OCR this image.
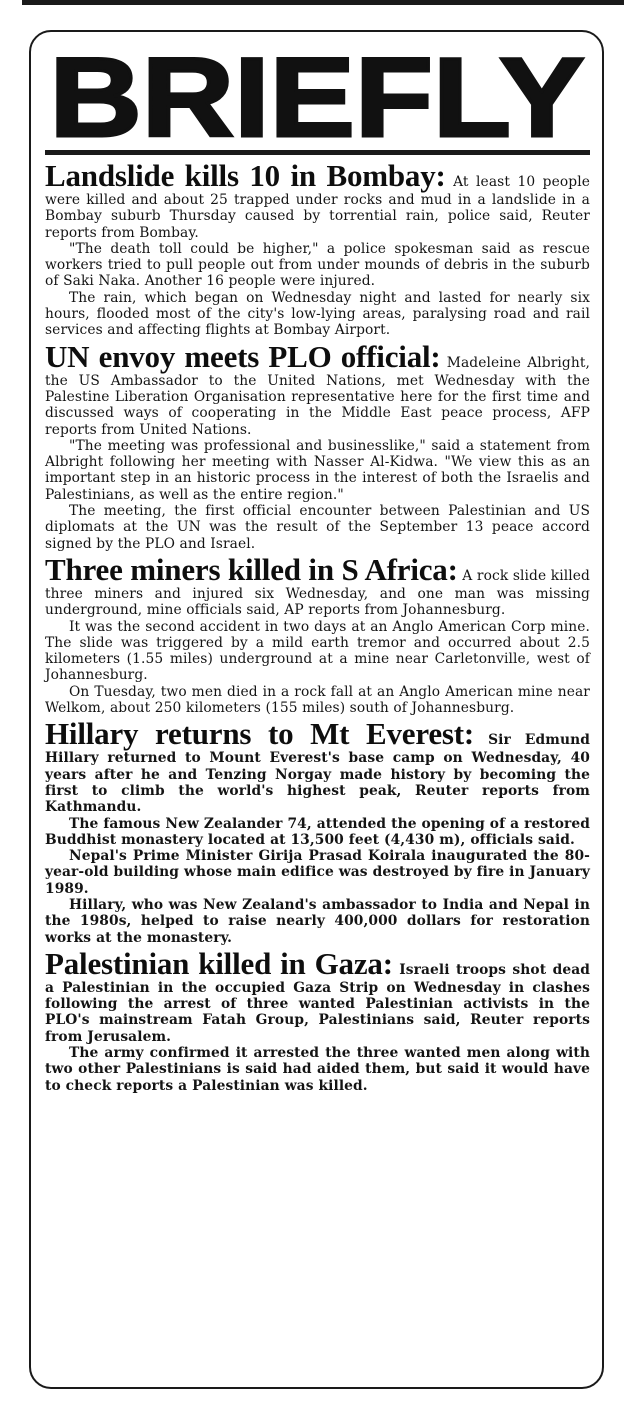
BRIEFLY

Landslide kills 10 in Bombay: At least 10 people were killed and about 25 trapped under rocks and mud in a landslide in a Bombay suburb Thursday caused by torrential rain, police said, Reuter reports from Bombay.

"The death toll could be higher," a police spokesman said as rescue workers tried to pull people out from under mounds of debris in the suburb of Saki Naka. Another 16 people were injured.

The rain, which began on Wednesday night and lasted for nearly six hours, flooded most of the city's low-lying areas, paralysing road and rail services and affecting flights at Bombay Airport.

UN envoy meets PLO official: Madeleine Albright, the US Ambassador to the United Nations, met Wednesday with the Palestine Liberation Organisation representative here for the first time and discussed ways of cooperating in the Middle East peace process, AFP reports from United Nations.

"The meeting was professional and businesslike," said a statement from Albright following her meeting with Nasser Al-Kidwa. "We view this as an important step in an historic process in the interest of both the Israelis and Palestinians, as well as the entire region."

The meeting, the first official encounter between Palestinian and US diplomats at the UN was the result of the September 13 peace accord signed by the PLO and Israel.

Three miners killed in S Africa: A rock slide killed three miners and injured six Wednesday, and one man was missing underground, mine officials said, AP reports from Johannesburg.

It was the second accident in two days at an Anglo American Corp mine. The slide was triggered by a mild earth tremor and occurred about 2.5 kilometers (1.55 miles) underground at a mine near Carletonville, west of Johannesburg.

On Tuesday, two men died in a rock fall at an Anglo American mine near Welkom, about 250 kilometers (155 miles) south of Johannesburg.

Hillary returns to Mt Everest: Sir Edmund Hillary returned to Mount Everest's base camp on Wednesday, 40 years after he and Tenzing Norgay made history by becoming the first to climb the world's highest peak, Reuter reports from Kathmandu.

The famous New Zealander 74, attended the opening of a restored Buddhist monastery located at 13,500 feet (4,430 m), officials said.

Nepal's Prime Minister Girija Prasad Koirala inaugurated the 80-year-old building whose main edifice was destroyed by fire in January 1989.

Hillary, who was New Zealand's ambassador to India and Nepal in the 1980s, helped to raise nearly 400,000 dollars for restoration works at the monastery.

Palestinian killed in Gaza: Israeli troops shot dead a Palestinian in the occupied Gaza Strip on Wednesday in clashes following the arrest of three wanted Palestinian activists in the PLO's mainstream Fatah Group, Palestinians said, Reuter reports from Jerusalem.

The army confirmed it arrested the three wanted men along with two other Palestinians is said had aided them, but said it would have to check reports a Palestinian was killed.
